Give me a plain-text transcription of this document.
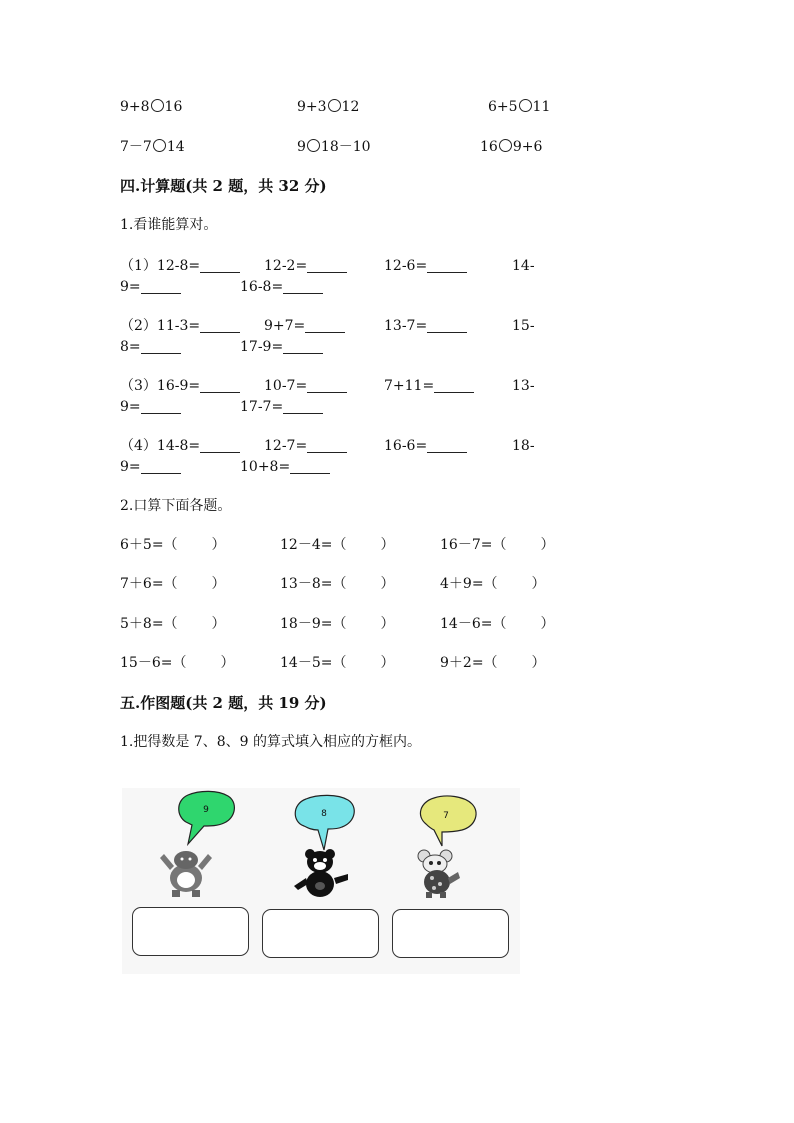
9+8 16	9+3 12	6+5 11
7－7 14	9 18－10	16 9+6
四.计算题(共 2 题，共 32 分)
1.看谁能算对。
（1）12-8=	12-2=	12-6=	14-
9=	16-8=
（2）11-3=	9+7=	13-7=	15-
8=	17-9=
（3）16-9=	10-7=	7+11=	13-
9=	17-7=
（4）14-8=	12-7=	16-6=	18-
9=	10+8=
2.口算下面各题。
6＋5=（ ）	12－4=（ ）	16－7=（ ）
7＋6=（ ）	13－8=（ ）	4＋9=（ ）
5＋8=（ ）	18－9=（ ）	14－6=（ ）
15－6=（ ）	14－5=（ ）	9＋2=（ ）
五.作图题(共 2 题，共 19 分)
1.把得数是 7、8、9 的算式填入相应的方框内。
9	8	7
